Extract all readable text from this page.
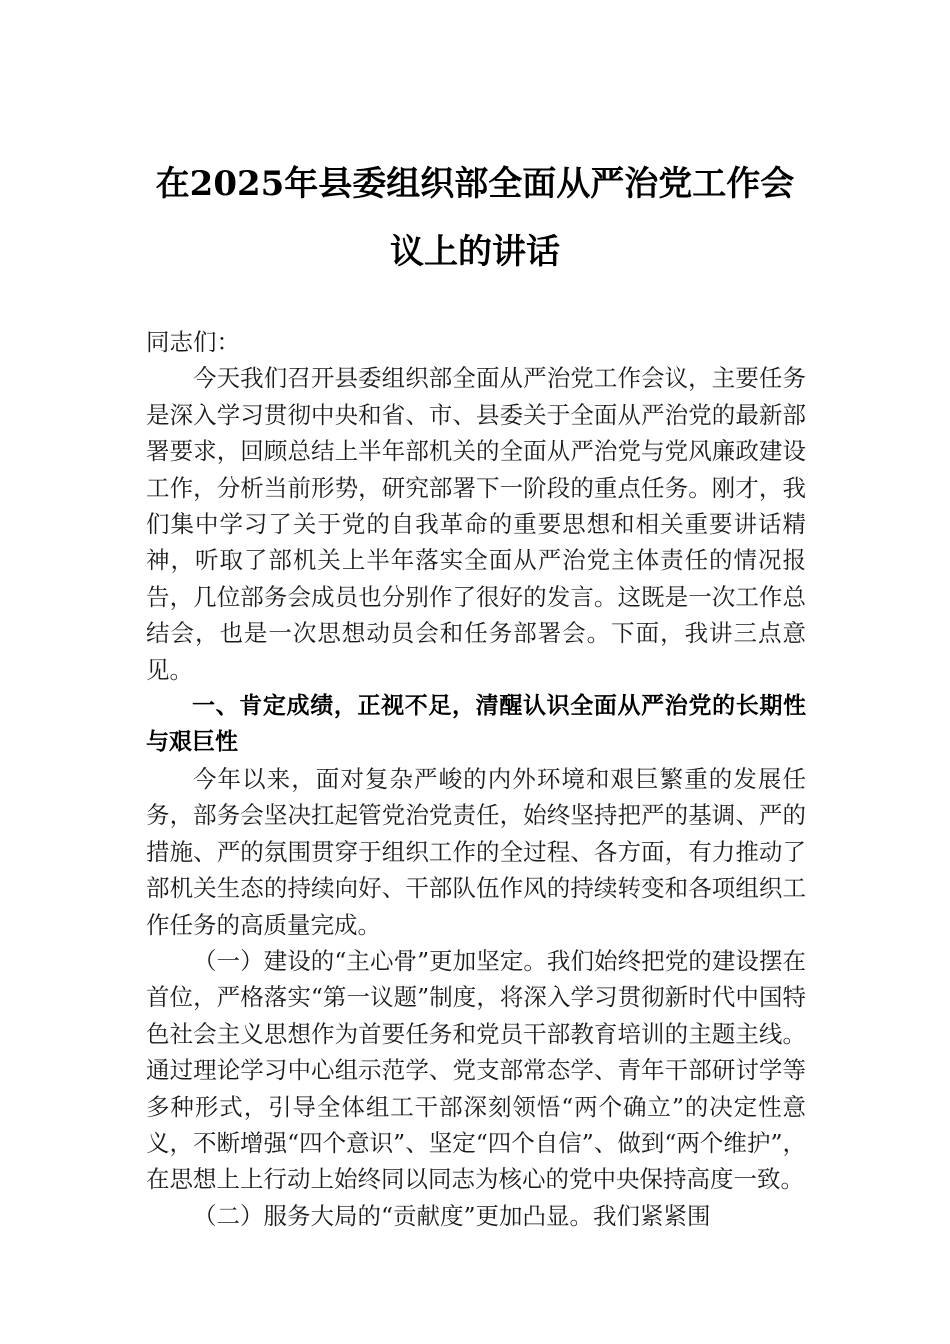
在2025年县委组织部全面从严治党工作会
议上的讲话

同志们：

今天我们召开县委组织部全面从严治党工作会议，主要任务是深入学习贯彻中央和省、市、县委关于全面从严治党的最新部署要求，回顾总结上半年部机关的全面从严治党与党风廉政建设工作，分析当前形势，研究部署下一阶段的重点任务。刚才，我们集中学习了关于党的自我革命的重要思想和相关重要讲话精神，听取了部机关上半年落实全面从严治党主体责任的情况报告，几位部务会成员也分别作了很好的发言。这既是一次工作总结会，也是一次思想动员会和任务部署会。下面，我讲三点意见。

一、肯定成绩，正视不足，清醒认识全面从严治党的长期性与艰巨性

今年以来，面对复杂严峻的内外环境和艰巨繁重的发展任务，部务会坚决扛起管党治党责任，始终坚持把严的基调、严的措施、严的氛围贯穿于组织工作的全过程、各方面，有力推动了部机关生态的持续向好、干部队伍作风的持续转变和各项组织工作任务的高质量完成。

（一）建设的“主心骨”更加坚定。我们始终把党的建设摆在首位，严格落实“第一议题”制度，将深入学习贯彻新时代中国特色社会主义思想作为首要任务和党员干部教育培训的主题主线。通过理论学习中心组示范学、党支部常态学、青年干部研讨学等多种形式，引导全体组工干部深刻领悟“两个确立”的决定性意义，不断增强“四个意识”、坚定“四个自信”、做到“两个维护”，在思想上上行动上始终同以同志为核心的党中央保持高度一致。

（二）服务大局的“贡献度”更加凸显。我们紧紧围
